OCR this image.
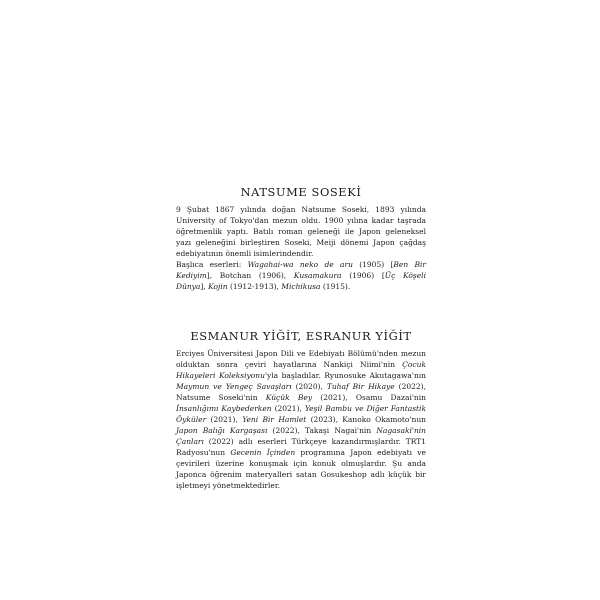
NATSUME SOSEKİ

9 Şubat 1867 yılında doğan Natsume Soseki, 1893 yılında University of Tokyo'dan mezun oldu. 1900 yılına kadar taşrada öğretmenlik yaptı. Batılı roman geleneği ile Japon geleneksel yazı geleneğini birleştiren Soseki, Meiji dönemi Japon çağdaş edebiyatının önemli isimlerindendir.

Başlıca eserleri: Wagahai-wa neko de aru (1905) [Ben Bir Kediyim], Botchan (1906), Kusamakura (1906) [Üç Köşeli Dünya], Kojin (1912-1913), Michikusa (1915).

ESMANUR YİĞİT, ESRANUR YİĞİT

Erciyes Üniversitesi Japon Dili ve Edebiyatı Bölümü'nden mezun olduktan sonra çeviri hayatlarına Nankiçi Niimi'nin Çocuk Hikayeleri Koleksiyonu'yla başladılar. Ryunosuke Akutagawa'nın Maymun ve Yengeç Savaşları (2020), Tuhaf Bir Hikaye (2022), Natsume Soseki'nin Küçük Bey (2021), Osamu Dazai'nin İnsanlığımı Kaybederken (2021), Yeşil Bambu ve Diğer Fantastik Öyküler (2021), Yeni Bir Hamlet (2023), Kanoko Okamoto'nun Japon Balığı Kargaşası (2022), Takaşi Nagai'nin Nagasaki'nin Çanları (2022) adlı eserleri Türkçeye kazandırmışlardır. TRT1 Radyosu'nun Gecenin İçinden programına Japon edebiyatı ve çevirileri üzerine konuşmak için konuk olmuşlardır. Şu anda Japonca öğrenim materyalleri satan Gosukeshop adlı küçük bir işletmeyi yönetmektedirler.
